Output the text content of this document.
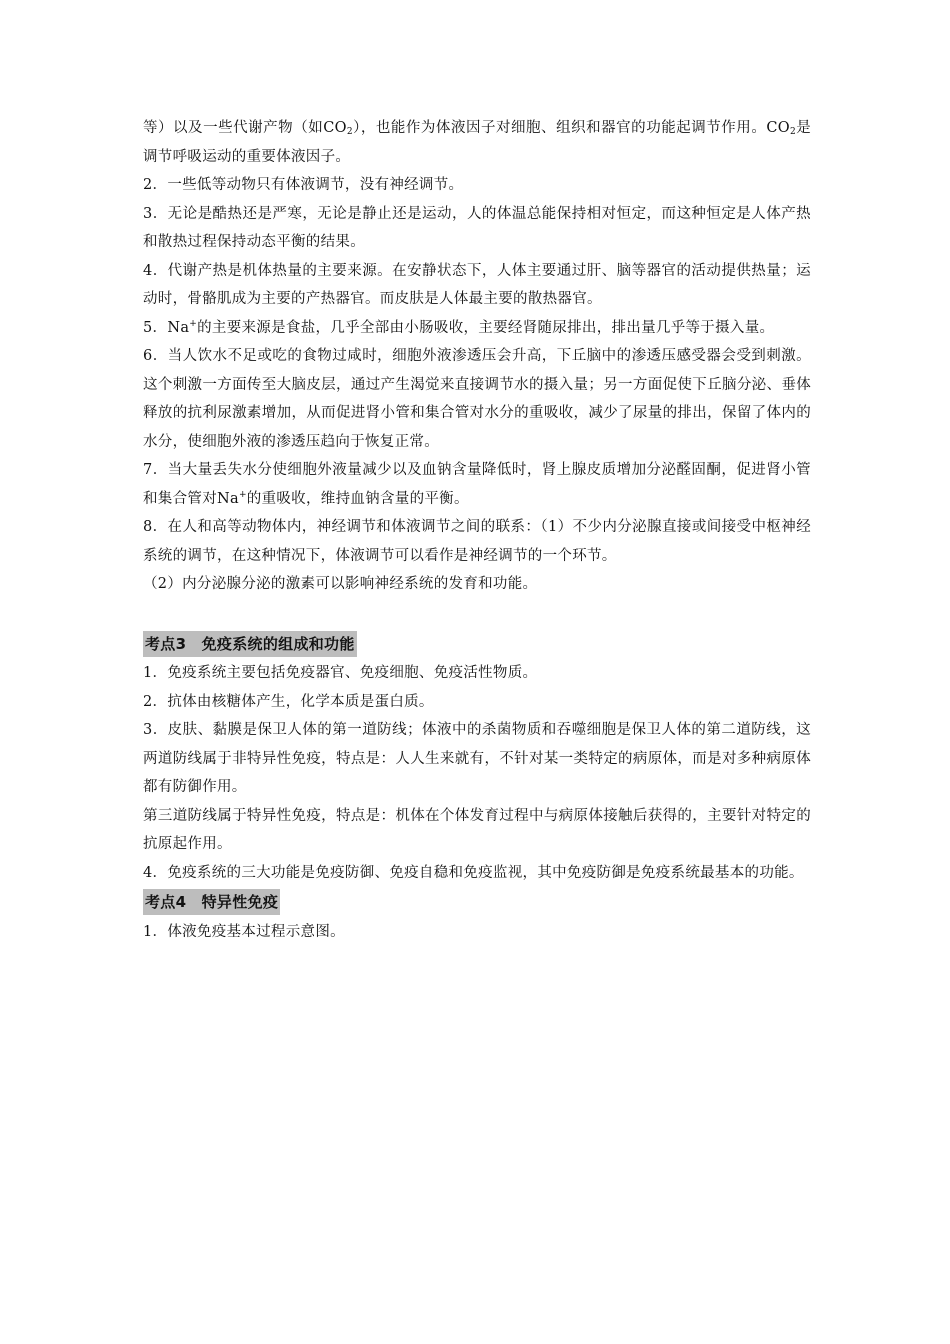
等）以及一些代谢产物（如$CO_2$），也能作为体液因子对细胞、组织和器官的功能起调节作用。$CO_2$是调节呼吸运动的重要体液因子。

2．一些低等动物只有体液调节，没有神经调节。

3．无论是酷热还是严寒，无论是静止还是运动，人的体温总能保持相对恒定，而这种恒定是人体产热和散热过程保持动态平衡的结果。

4．代谢产热是机体热量的主要来源。在安静状态下，人体主要通过肝、脑等器官的活动提供热量；运动时，骨骼肌成为主要的产热器官。而皮肤是人体最主要的散热器官。

5．Na+的主要来源是食盐，几乎全部由小肠吸收，主要经肾随尿排出，排出量几乎等于摄入量。

6．当人饮水不足或吃的食物过咸时，细胞外液渗透压会升高，下丘脑中的渗透压感受器会受到刺激。这个刺激一方面传至大脑皮层，通过产生渴觉来直接调节水的摄入量；另一方面促使下丘脑分泌、垂体释放的抗利尿激素增加，从而促进肾小管和集合管对水分的重吸收，减少了尿量的排出，保留了体内的水分，使细胞外液的渗透压趋向于恢复正常。

7．当大量丢失水分使细胞外液量减少以及血钠含量降低时，肾上腺皮质增加分泌醛固酮，促进肾小管和集合管对Na+的重吸收，维持血钠含量的平衡。

8．在人和高等动物体内，神经调节和体液调节之间的联系：（1）不少内分泌腺直接或间接受中枢神经系统的调节，在这种情况下，体液调节可以看作是神经调节的一个环节。

（2）内分泌腺分泌的激素可以影响神经系统的发育和功能。

考点3　免疫系统的组成和功能

1．免疫系统主要包括免疫器官、免疫细胞、免疫活性物质。

2．抗体由核糖体产生，化学本质是蛋白质。

3．皮肤、黏膜是保卫人体的第一道防线；体液中的杀菌物质和吞噬细胞是保卫人体的第二道防线，这两道防线属于非特异性免疫，特点是：人人生来就有，不针对某一类特定的病原体，而是对多种病原体都有防御作用。

第三道防线属于特异性免疫，特点是：机体在个体发育过程中与病原体接触后获得的，主要针对特定的抗原起作用。

4．免疫系统的三大功能是免疫防御、免疫自稳和免疫监视，其中免疫防御是免疫系统最基本的功能。

考点4　特异性免疫

1．体液免疫基本过程示意图。
